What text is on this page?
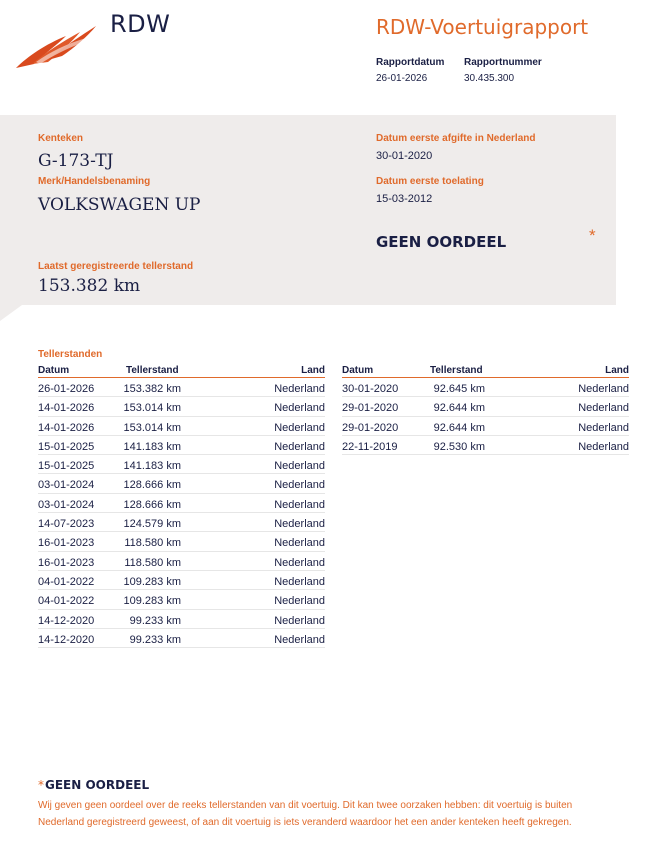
RDW	RDW-Voertuigrapport
Rapportdatum
26-01-2026
Rapportnummer
30.435.300
Kenteken
G-173-TJ
Merk/Handelsbenaming
VOLKSWAGEN UP
Datum eerste afgifte in Nederland
30-01-2020
Datum eerste toelating
15-03-2012
GEEN OORDEEL	*
Laatst geregistreerde tellerstand
153.382 km
Tellerstanden
Datum	Tellerstand	Land
26-01-2026	153.382 km	Nederland
14-01-2026	153.014 km	Nederland
14-01-2026	153.014 km	Nederland
15-01-2025	141.183 km	Nederland
15-01-2025	141.183 km	Nederland
03-01-2024	128.666 km	Nederland
03-01-2024	128.666 km	Nederland
14-07-2023	124.579 km	Nederland
16-01-2023	118.580 km	Nederland
16-01-2023	118.580 km	Nederland
04-01-2022	109.283 km	Nederland
04-01-2022	109.283 km	Nederland
14-12-2020	99.233 km	Nederland
14-12-2020	99.233 km	Nederland
Datum	Tellerstand	Land
30-01-2020	92.645 km	Nederland
29-01-2020	92.644 km	Nederland
29-01-2020	92.644 km	Nederland
22-11-2019	92.530 km	Nederland
*GEEN OORDEEL
Wij geven geen oordeel over de reeks tellerstanden van dit voertuig. Dit kan twee oorzaken hebben: dit voertuig is buiten Nederland geregistreerd geweest, of aan dit voertuig is iets veranderd waardoor het een ander kenteken heeft gekregen.
